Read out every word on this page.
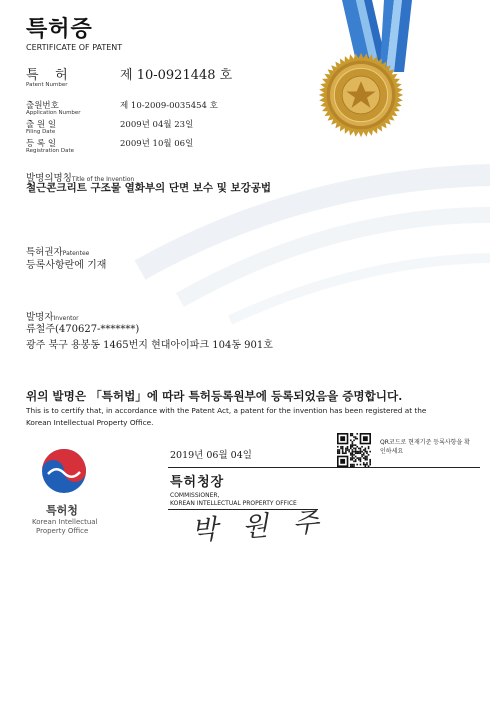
특허증
CERTIFICATE OF PATENT
특    허
Patent Number
제 10-0921448 호
출원번호
Application Number
제 10-2009-0035454 호
출 원 일
Filing Date
2009년 04월 23일
등 록 일
Registration Date
2009년 10월 06일
발명의명칭Title of the Invention
철근콘크리트 구조물 열화부의 단면 보수 및 보강공법
특허권자Patentee
등록사항란에 기재
발명자Inventor
류철주(470627-*******)
광주 북구 용봉동 1465번지 현대아이파크 104동 901호
위의 발명은 「특허법」에 따라 특허등록원부에 등록되었음을 증명합니다.
This is to certify that, in accordance with the Patent Act, a patent for the invention has been registered at the
Korean Intellectual Property Office.
2019년 06월 04일
QR코드로 현재기준 등록사항을 확인하세요
특허청장
COMMISSIONER,
KOREAN INTELLECTUAL PROPERTY OFFICE
박 원 주
특허청
Korean Intellectual
Property Office
